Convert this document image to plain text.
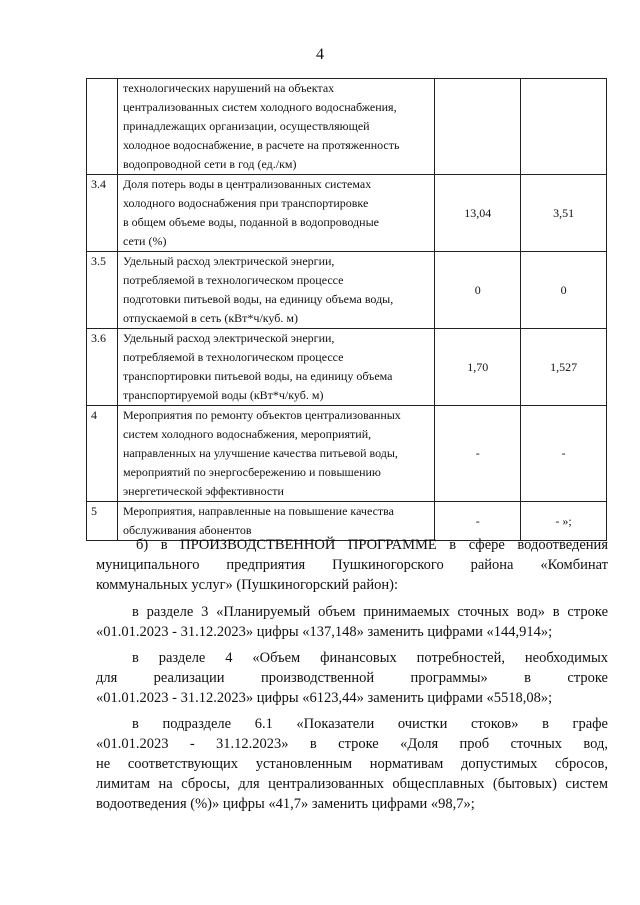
4

	технологических нарушений на объектах
централизованных систем холодного водоснабжения,
принадлежащих организации, осуществляющей
холодное водоснабжение, в расчете на протяженность
водопроводной сети в год (ед./км)		

3.4	Доля потерь воды в централизованных системах
холодного водоснабжения при транспортировке
в общем объеме воды, поданной в водопроводные
сети (%)	13,04	3,51
3.5	Удельный расход электрической энергии,
потребляемой в технологическом процессе
подготовки питьевой воды, на единицу объема воды,
отпускаемой в сеть (кВт*ч/куб. м)	0	0
3.6	Удельный расход электрической энергии,
потребляемой в технологическом процессе
транспортировки питьевой воды, на единицу объема
транспортируемой воды (кВт*ч/куб. м)	1,70	1,527
4	Мероприятия по ремонту объектов централизованных
систем холодного водоснабжения, мероприятий,
направленных на улучшение качества питьевой воды,
мероприятий по энергосбережению и повышению
энергетической эффективности	-	-
5	Мероприятия, направленные на повышение качества
обслуживания абонентов	-	- »;
б) в ПРОИЗВОДСТВЕННОЙ ПРОГРАММЕ в сфере водоотведения
муниципального предприятия Пушкиногорского района «Комбинат
коммунальных услуг» (Пушкиногорский район):
в разделе 3 «Планируемый объем принимаемых сточных вод» в строке
«01.01.2023 - 31.12.2023» цифры «137,148» заменить цифрами «144,914»;
в разделе 4 «Объем финансовых потребностей, необходимых
для реализации производственной программы» в строке
«01.01.2023 - 31.12.2023» цифры «6123,44» заменить цифрами «5518,08»;
в подразделе 6.1 «Показатели очистки стоков» в графе
«01.01.2023 - 31.12.2023» в строке «Доля проб сточных вод,
не соответствующих установленным нормативам допустимых сбросов,
лимитам на сбросы, для централизованных общесплавных (бытовых) систем
водоотведения (%)» цифры «41,7» заменить цифрами «98,7»;
